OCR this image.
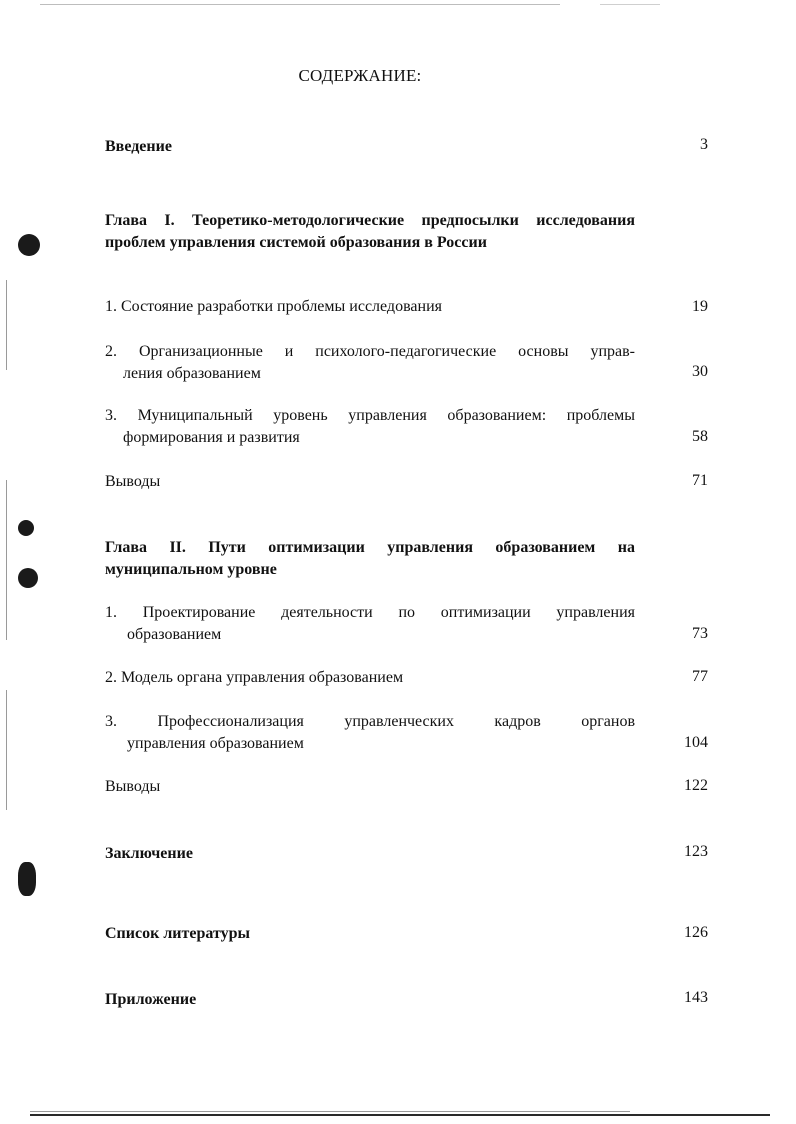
СОДЕРЖАНИЕ:
Введение	3
Глава I. Теоретико-методологические предпосылки исследования проблем управления системой образования в России
1. Состояние разработки проблемы исследования	19
2. Организационные и психолого-педагогические основы управ-
ления образованием	30
3. Муниципальный уровень управления образованием: проблемы
формирования и развития	58
Выводы	71
Глава II. Пути оптимизации управления образованием на муниципальном уровне
1. Проектирование деятельности по оптимизации управления
образованием	73
2. Модель органа управления образованием	77
3. Профессионализация управленческих кадров органов
управления образованием	104
Выводы	122
Заключение	123
Список литературы	126
Приложение	143
